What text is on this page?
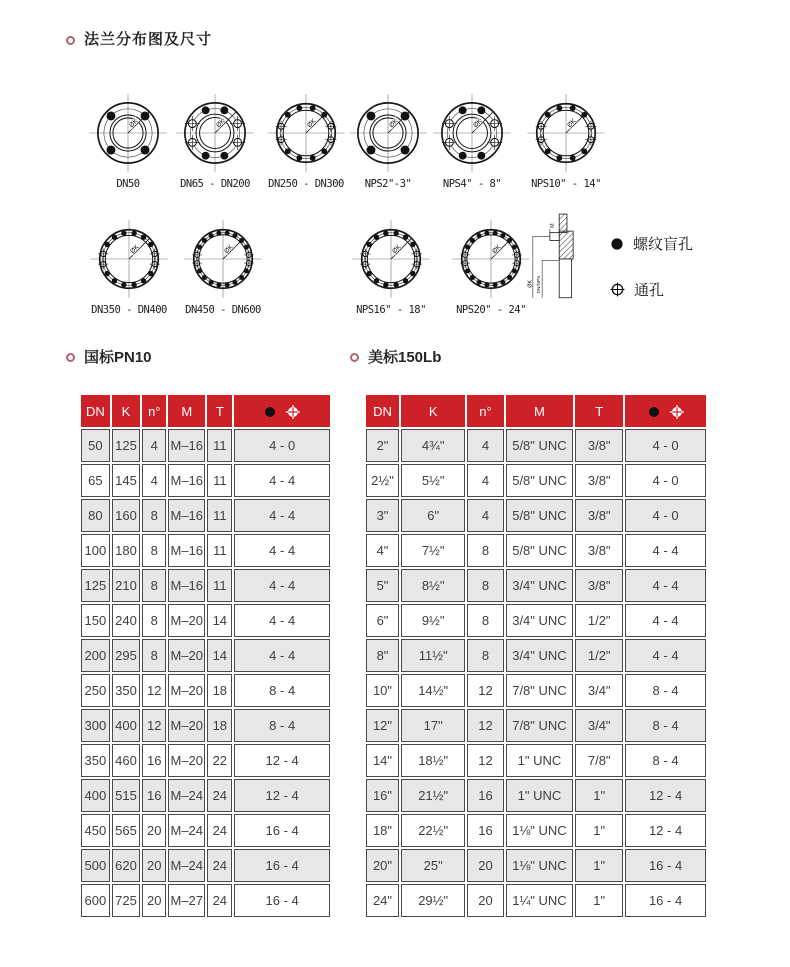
法兰分布图及尺寸
ØK
DN50
ØK
DN65 - DN200
ØK
DN250 - DN300
ØK
NPS2"-3"
ØK
NPS4" - 8"
ØK
NPS10" - 14"
ØK
DN350 - DN400
ØK
DN450 - DN600
ØK
NPS16" - 18"
ØK
NPS20" - 24"
M
ØK DN/NPS
螺纹盲孔
通孔
国标PN10	美标150Lb
DN	K	n°	M	T	

50	125	4	M–16	11	4 - 0
65	145	4	M–16	11	4 - 4
80	160	8	M–16	11	4 - 4
100	180	8	M–16	11	4 - 4
125	210	8	M–16	11	4 - 4
150	240	8	M–20	14	4 - 4
200	295	8	M–20	14	4 - 4
250	350	12	M–20	18	8 - 4
300	400	12	M–20	18	8 - 4
350	460	16	M–20	22	12 - 4
400	515	16	M–24	24	12 - 4
450	565	20	M–24	24	16 - 4
500	620	20	M–24	24	16 - 4
600	725	20	M–27	24	16 - 4
DN	K	n°	M	T	

2"	4¾"	4	5/8" UNC	3/8"	4 - 0
2½"	5½"	4	5/8" UNC	3/8"	4 - 0
3"	6"	4	5/8" UNC	3/8"	4 - 0
4"	7½"	8	5/8" UNC	3/8"	4 - 4
5"	8½"	8	3/4" UNC	3/8"	4 - 4
6"	9½"	8	3/4" UNC	1/2"	4 - 4
8"	11½"	8	3/4" UNC	1/2"	4 - 4
10"	14½"	12	7/8" UNC	3/4"	8 - 4
12"	17"	12	7/8" UNC	3/4"	8 - 4
14"	18½"	12	1" UNC	7/8"	8 - 4
16"	21½"	16	1" UNC	1"	12 - 4
18"	22½"	16	1⅛" UNC	1"	12 - 4
20"	25"	20	1⅛" UNC	1"	16 - 4
24"	29½"	20	1¼" UNC	1"	16 - 4
